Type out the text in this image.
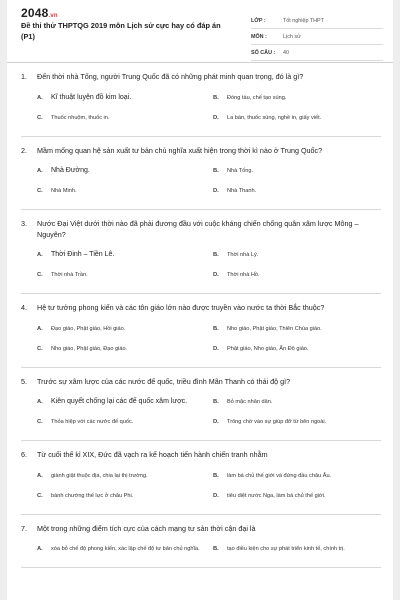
2048.vn
Đề thi thử THPTQG 2019 môn Lịch sử cực hay có đáp án (P1)
LỚP :	Tốt nghiệp THPT
MÔN :	Lịch sử
SỐ CÂU :	40
1.	Đến thời nhà Tống, người Trung Quốc đã có những phát minh quan trọng, đó là gì?
A.	Kĩ thuật luyện đồ kim loại.	B.	Đóng tàu, chế tạo súng.
C.	Thuốc nhuộm, thuốc in.	D.	La bàn, thuốc súng, nghề in, giấy viết.
2.	Mầm mống quan hệ sản xuất tư bản chủ nghĩa xuất hiện trong thời kì nào ở Trung Quốc?
A.	Nhà Đường.	B.	Nhà Tống.
C.	Nhà Minh.	D.	Nhà Thanh.
3.	Nước Đại Việt dưới thời nào đã phải đương đầu với cuộc kháng chiến chống quân xâm lược Mông – Nguyên?
A.	Thời Đinh – Tiền Lê.	B.	Thời nhà Lý.
C.	Thời nhà Trần.	D.	Thời nhà Hồ.
4.	Hệ tư tưởng phong kiến và các tôn giáo lớn nào được truyền vào nước ta thời Bắc thuộc?
A.	Đạo giáo, Phật giáo, Hồi giáo.	B.	Nho giáo, Phật giáo, Thiên Chúa giáo.
C.	Nho giáo, Phật giáo, Đạo giáo.	D.	Phật giáo, Nho giáo, Ấn Độ giáo.
5.	Trước sự xâm lược của các nước đế quốc, triều đình Mãn Thanh có thái độ gì?
A.	Kiên quyết chống lại các đế quốc xâm lược.	B.	Bỏ mặc nhân dân.
C.	Thỏa hiệp với các nước đế quốc.	D.	Trông chờ vào sự giúp đỡ từ bên ngoài.
6.	Từ cuối thế kỉ XIX, Đức đã vạch ra kế hoạch tiến hành chiến tranh nhằm
A.	giành giật thuộc địa, chia lại thị trường.	B.	làm bá chủ thế giới và đứng đầu châu Âu.
C.	bành chướng thế lực ở châu Phi.	D.	tiêu diệt nước Nga, làm bá chủ thế giới.
7.	Một trong những điểm tích cực của cách mạng tư sản thời cận đại là
A.	xóa bỏ chế độ phong kiến, xác lập chế độ tư bản chủ nghĩa.	B.	tạo điều kiện cho sự phát triển kinh tế, chính trị.
